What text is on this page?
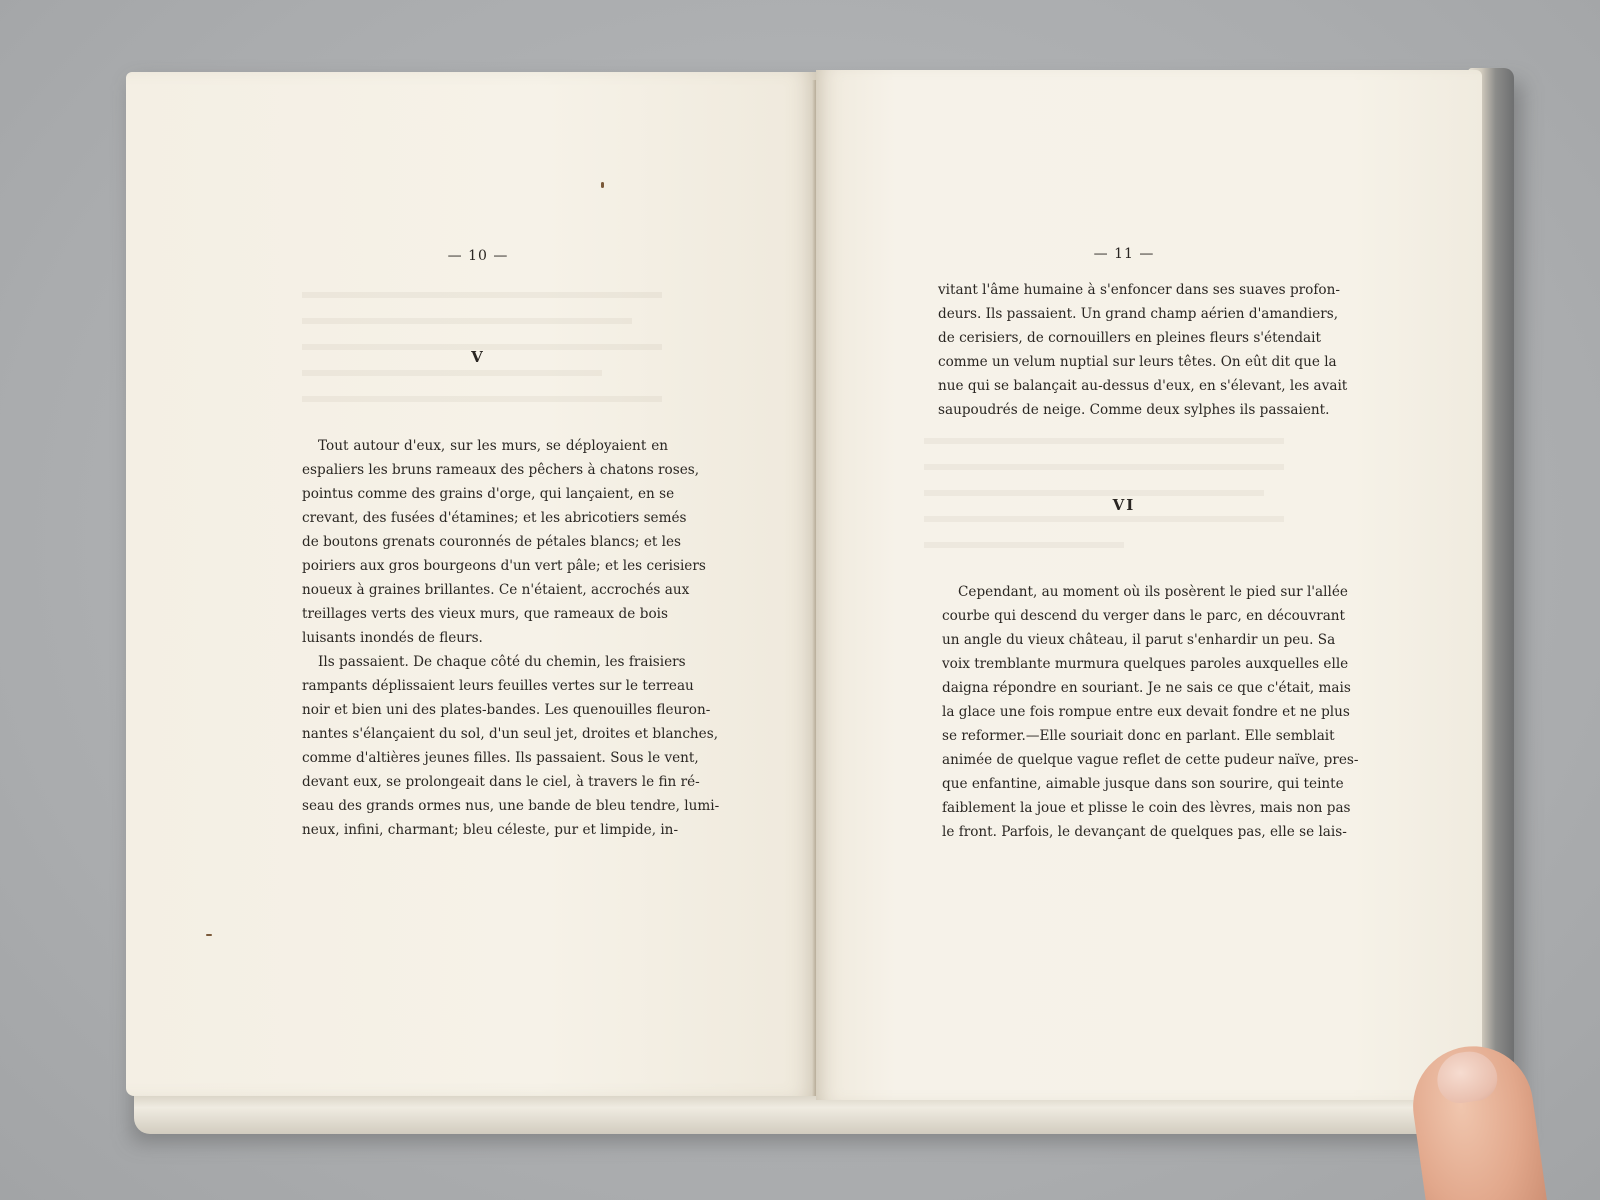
— 10 —
V
Tout autour d'eux, sur les murs, se déployaient en
espaliers les bruns rameaux des pêchers à chatons roses,
pointus comme des grains d'orge, qui lançaient, en se
crevant, des fusées d'étamines; et les abricotiers semés
de boutons grenats couronnés de pétales blancs; et les
poiriers aux gros bourgeons d'un vert pâle; et les cerisiers
noueux à graines brillantes. Ce n'étaient, accrochés aux
treillages verts des vieux murs, que rameaux de bois
luisants inondés de fleurs.
Ils passaient. De chaque côté du chemin, les fraisiers
rampants déplissaient leurs feuilles vertes sur le terreau
noir et bien uni des plates-bandes. Les quenouilles fleuron-
nantes s'élançaient du sol, d'un seul jet, droites et blanches,
comme d'altières jeunes filles. Ils passaient. Sous le vent,
devant eux, se prolongeait dans le ciel, à travers le fin ré-
seau des grands ormes nus, une bande de bleu tendre, lumi-
neux, infini, charmant; bleu céleste, pur et limpide, in-
— 11 —
vitant l'âme humaine à s'enfoncer dans ses suaves profon-
deurs. Ils passaient. Un grand champ aérien d'amandiers,
de cerisiers, de cornouillers en pleines fleurs s'étendait
comme un velum nuptial sur leurs têtes. On eût dit que la
nue qui se balançait au-dessus d'eux, en s'élevant, les avait
saupoudrés de neige. Comme deux sylphes ils passaient.
VI
Cependant, au moment où ils posèrent le pied sur l'allée
courbe qui descend du verger dans le parc, en découvrant
un angle du vieux château, il parut s'enhardir un peu. Sa
voix tremblante murmura quelques paroles auxquelles elle
daigna répondre en souriant. Je ne sais ce que c'était, mais
la glace une fois rompue entre eux devait fondre et ne plus
se reformer.—Elle souriait donc en parlant. Elle semblait
animée de quelque vague reflet de cette pudeur naïve, pres-
que enfantine, aimable jusque dans son sourire, qui teinte
faiblement la joue et plisse le coin des lèvres, mais non pas
le front. Parfois, le devançant de quelques pas, elle se lais-
